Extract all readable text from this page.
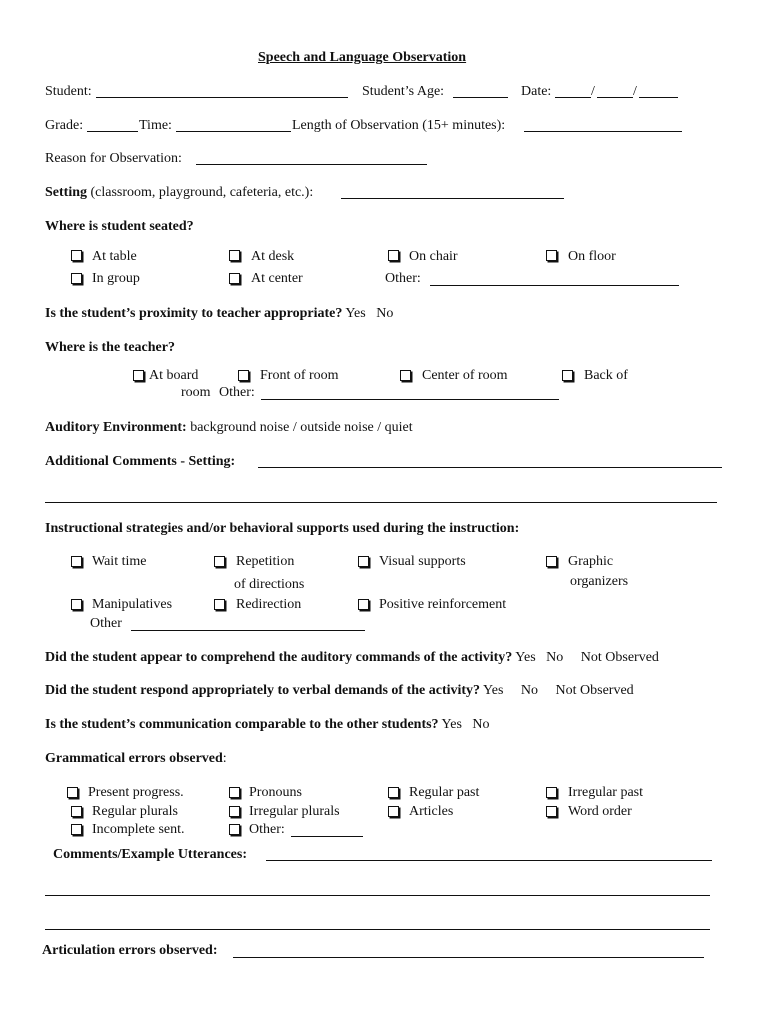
Speech and Language Observation
Student:	Student’s Age:	Date:	/	/
Grade:	Time:	Length of Observation (15+ minutes):
Reason for Observation:
Setting (classroom, playground, cafeteria, etc.):
Where is student seated?
At table	At desk	On chair	On floor
In group	At center	Other:
Is the student’s proximity to teacher appropriate? Yes   No
Where is the teacher?
At board	Front of room	Center of room	Back of
room Other:
Auditory Environment: background noise / outside noise / quiet
Additional Comments - Setting:
Instructional strategies and/or behavioral supports used during the instruction:
Wait time	Repetition	Visual supports	Graphic
of directions	organizers
Manipulatives	Redirection	Positive reinforcement
Other
Did the student appear to comprehend the auditory commands of the activity? Yes   No     Not Observed
Did the student respond appropriately to verbal demands of the activity? Yes     No     Not Observed
Is the student’s communication comparable to the other students? Yes   No
Grammatical errors observed:
Present progress.	Pronouns	Regular past	Irregular past
Regular plurals	Irregular plurals	Articles	Word order
Incomplete sent.	Other:
Comments/Example Utterances:
Articulation errors observed:
